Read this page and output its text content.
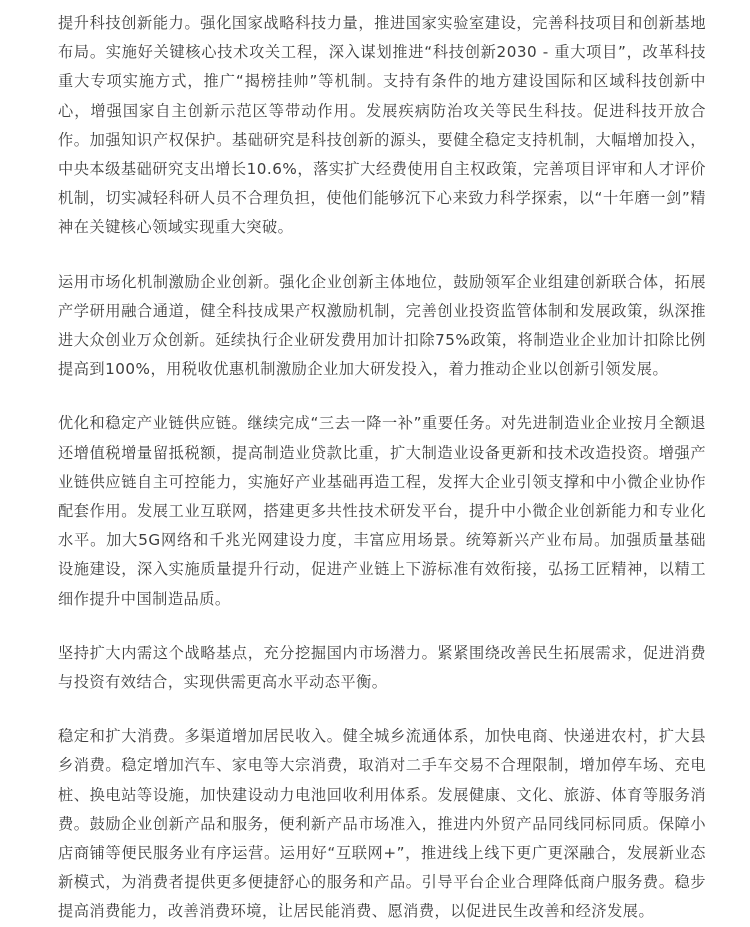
提升科技创新能力。强化国家战略科技力量，推进国家实验室建设，完善科技项目和创新基地布局。实施好关键核心技术攻关工程，深入谋划推进“科技创新2030 - 重大项目”，改革科技重大专项实施方式，推广“揭榜挂帅”等机制。支持有条件的地方建设国际和区域科技创新中心，增强国家自主创新示范区等带动作用。发展疾病防治攻关等民生科技。促进科技开放合作。加强知识产权保护。基础研究是科技创新的源头，要健全稳定支持机制，大幅增加投入，中央本级基础研究支出增长10.6%，落实扩大经费使用自主权政策，完善项目评审和人才评价机制，切实减轻科研人员不合理负担，使他们能够沉下心来致力科学探索，以“十年磨一剑”精神在关键核心领域实现重大突破。

运用市场化机制激励企业创新。强化企业创新主体地位，鼓励领军企业组建创新联合体，拓展产学研用融合通道，健全科技成果产权激励机制，完善创业投资监管体制和发展政策，纵深推进大众创业万众创新。延续执行企业研发费用加计扣除75%政策，将制造业企业加计扣除比例提高到100%，用税收优惠机制激励企业加大研发投入，着力推动企业以创新引领发展。

优化和稳定产业链供应链。继续完成“三去一降一补”重要任务。对先进制造业企业按月全额退还增值税增量留抵税额，提高制造业贷款比重，扩大制造业设备更新和技术改造投资。增强产业链供应链自主可控能力，实施好产业基础再造工程，发挥大企业引领支撑和中小微企业协作配套作用。发展工业互联网，搭建更多共性技术研发平台，提升中小微企业创新能力和专业化水平。加大5G网络和千兆光网建设力度，丰富应用场景。统筹新兴产业布局。加强质量基础设施建设，深入实施质量提升行动，促进产业链上下游标准有效衔接，弘扬工匠精神，以精工细作提升中国制造品质。

坚持扩大内需这个战略基点，充分挖掘国内市场潜力。紧紧围绕改善民生拓展需求，促进消费与投资有效结合，实现供需更高水平动态平衡。

稳定和扩大消费。多渠道增加居民收入。健全城乡流通体系，加快电商、快递进农村，扩大县乡消费。稳定增加汽车、家电等大宗消费，取消对二手车交易不合理限制，增加停车场、充电桩、换电站等设施，加快建设动力电池回收利用体系。发展健康、文化、旅游、体育等服务消费。鼓励企业创新产品和服务，便利新产品市场准入，推进内外贸产品同线同标同质。保障小店商铺等便民服务业有序运营。运用好“互联网+”，推进线上线下更广更深融合，发展新业态新模式，为消费者提供更多便捷舒心的服务和产品。引导平台企业合理降低商户服务费。稳步提高消费能力，改善消费环境，让居民能消费、愿消费，以促进民生改善和经济发展。
